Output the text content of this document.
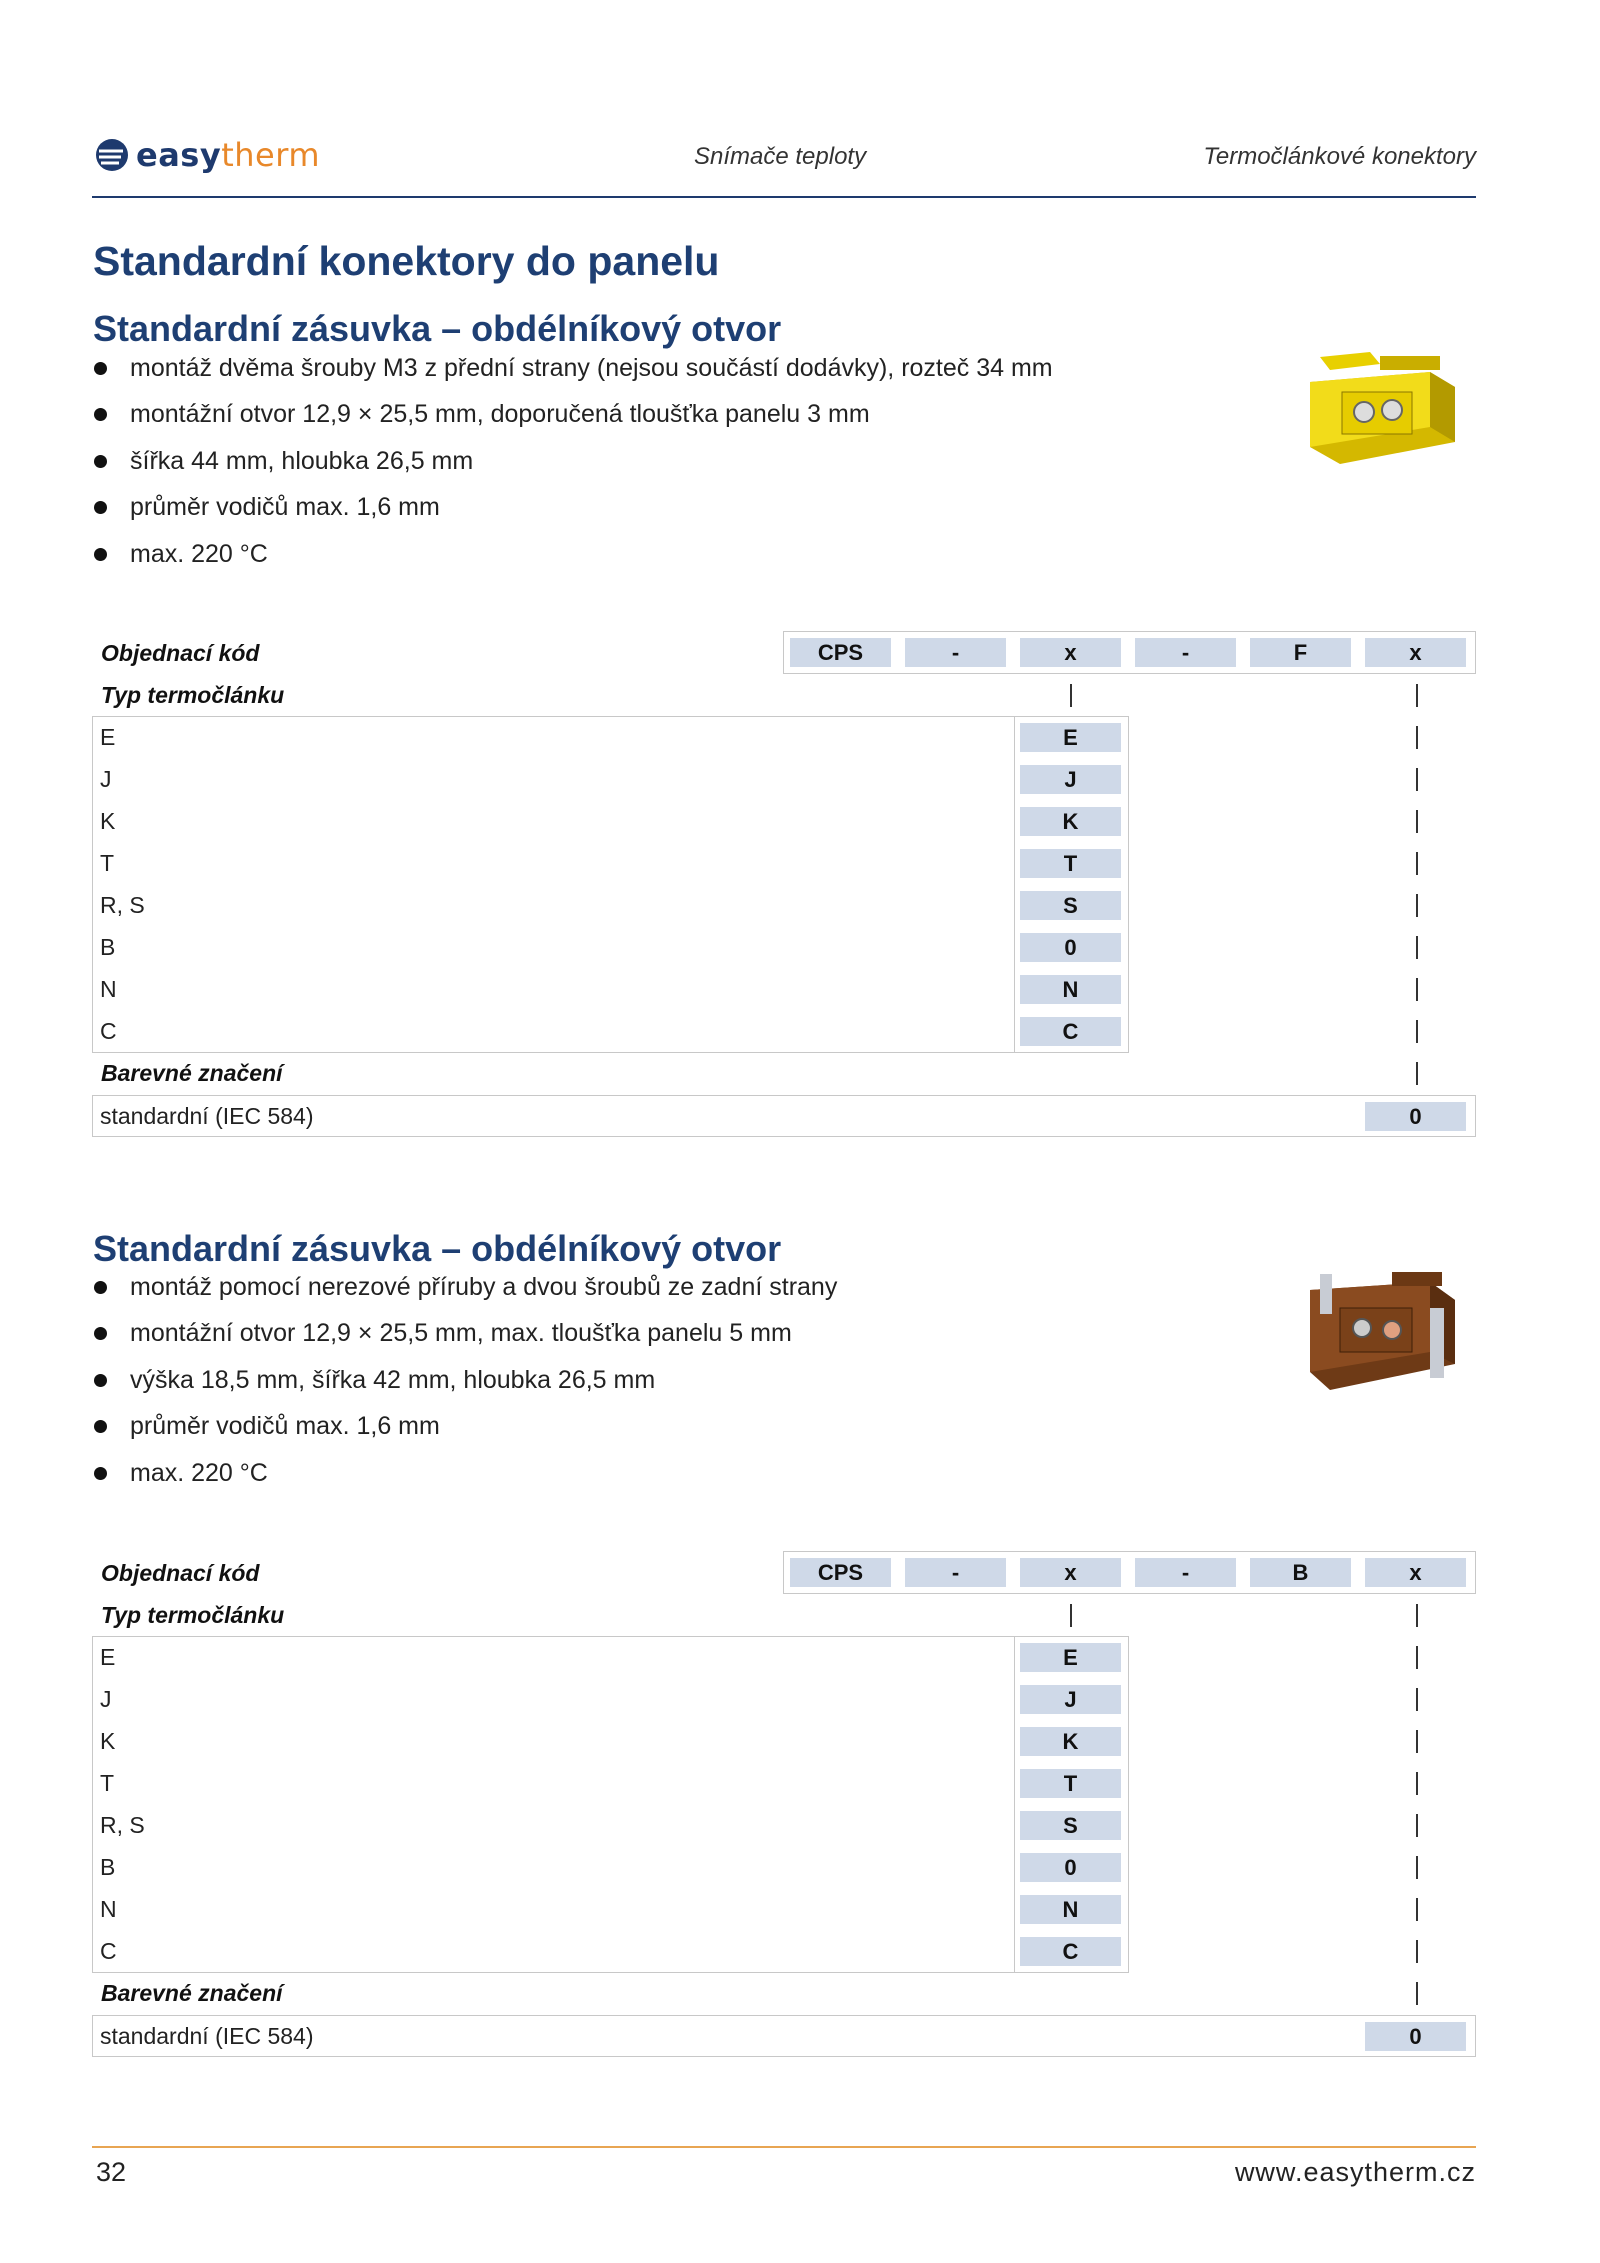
easytherm	Snímače teploty	Termočlánkové konektory
Standardní konektory do panelu
Standardní zásuvka – obdélníkový otvor
montáž dvěma šrouby M3 z přední strany (nejsou součástí dodávky), rozteč 34 mm
montážní otvor 12,9 × 25,5 mm, doporučená tloušťka panelu 3 mm
šířka 44 mm, hloubka 26,5 mm
průměr vodičů max. 1,6 mm
max. 220 °C
Objednací kód	CPS	-	x	-	F	x
Typ termočlánku
E	E
J	J
K	K
T	T
R, S	S
B	0
N	N
C	C
Barevné značení
standardní (IEC 584)	0
Standardní zásuvka – obdélníkový otvor
montáž pomocí nerezové příruby a dvou šroubů ze zadní strany
montážní otvor 12,9 × 25,5 mm, max. tloušťka panelu 5 mm
výška 18,5 mm, šířka 42 mm, hloubka 26,5 mm
průměr vodičů max. 1,6 mm
max. 220 °C
Objednací kód	CPS	-	x	-	B	x
Typ termočlánku
E	E
J	J
K	K
T	T
R, S	S
B	0
N	N
C	C
Barevné značení
standardní (IEC 584)	0
32	www.easytherm.cz
